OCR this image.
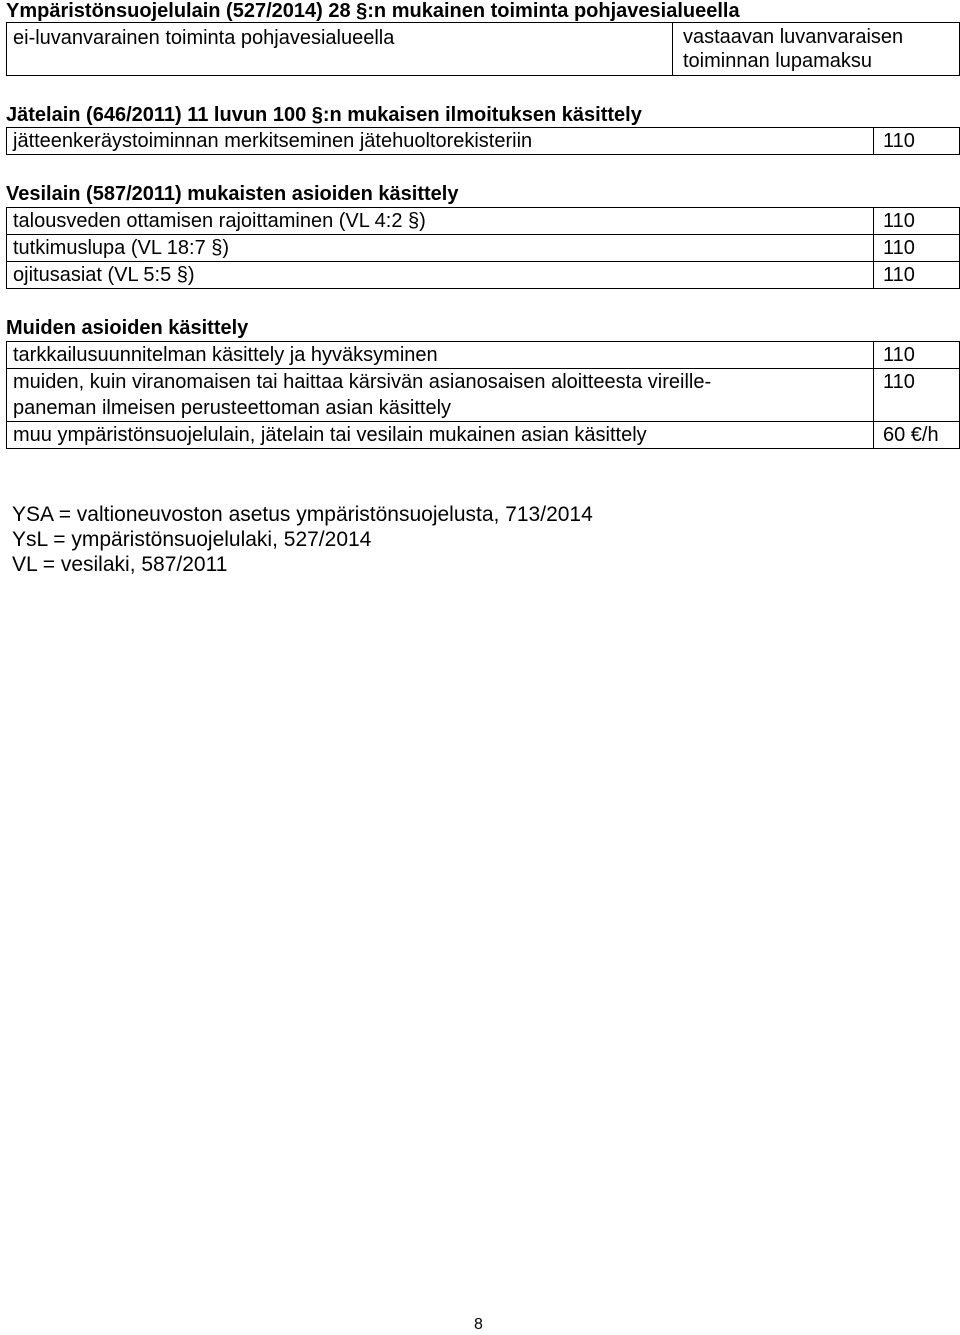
Ympäristönsuojelulain (527/2014) 28 §:n mukainen toiminta pohjavesialueella
ei-luvanvarainen toiminta pohjavesialueella	vastaavan luvanvaraisen toiminnan lupamaksu
Jätelain (646/2011) 11 luvun 100 §:n mukaisen ilmoituksen käsittely
jätteenkeräystoiminnan merkitseminen jätehuoltorekisteriin	110
Vesilain (587/2011) mukaisten asioiden käsittely
talousveden ottamisen rajoittaminen (VL 4:2 §)	110
tutkimuslupa (VL 18:7 §)	110
ojitusasiat (VL 5:5 §)	110
Muiden asioiden käsittely
tarkkailusuunnitelman käsittely ja hyväksyminen	110
muiden, kuin viranomaisen tai haittaa kärsivän asianosaisen aloitteesta vireille-paneman ilmeisen perusteettoman asian käsittely	110
muu ympäristönsuojelulain, jätelain tai vesilain mukainen asian käsittely	60 €/h
YSA = valtioneuvoston asetus ympäristönsuojelusta, 713/2014
YsL = ympäristönsuojelulaki, 527/2014
VL = vesilaki, 587/2011
8
